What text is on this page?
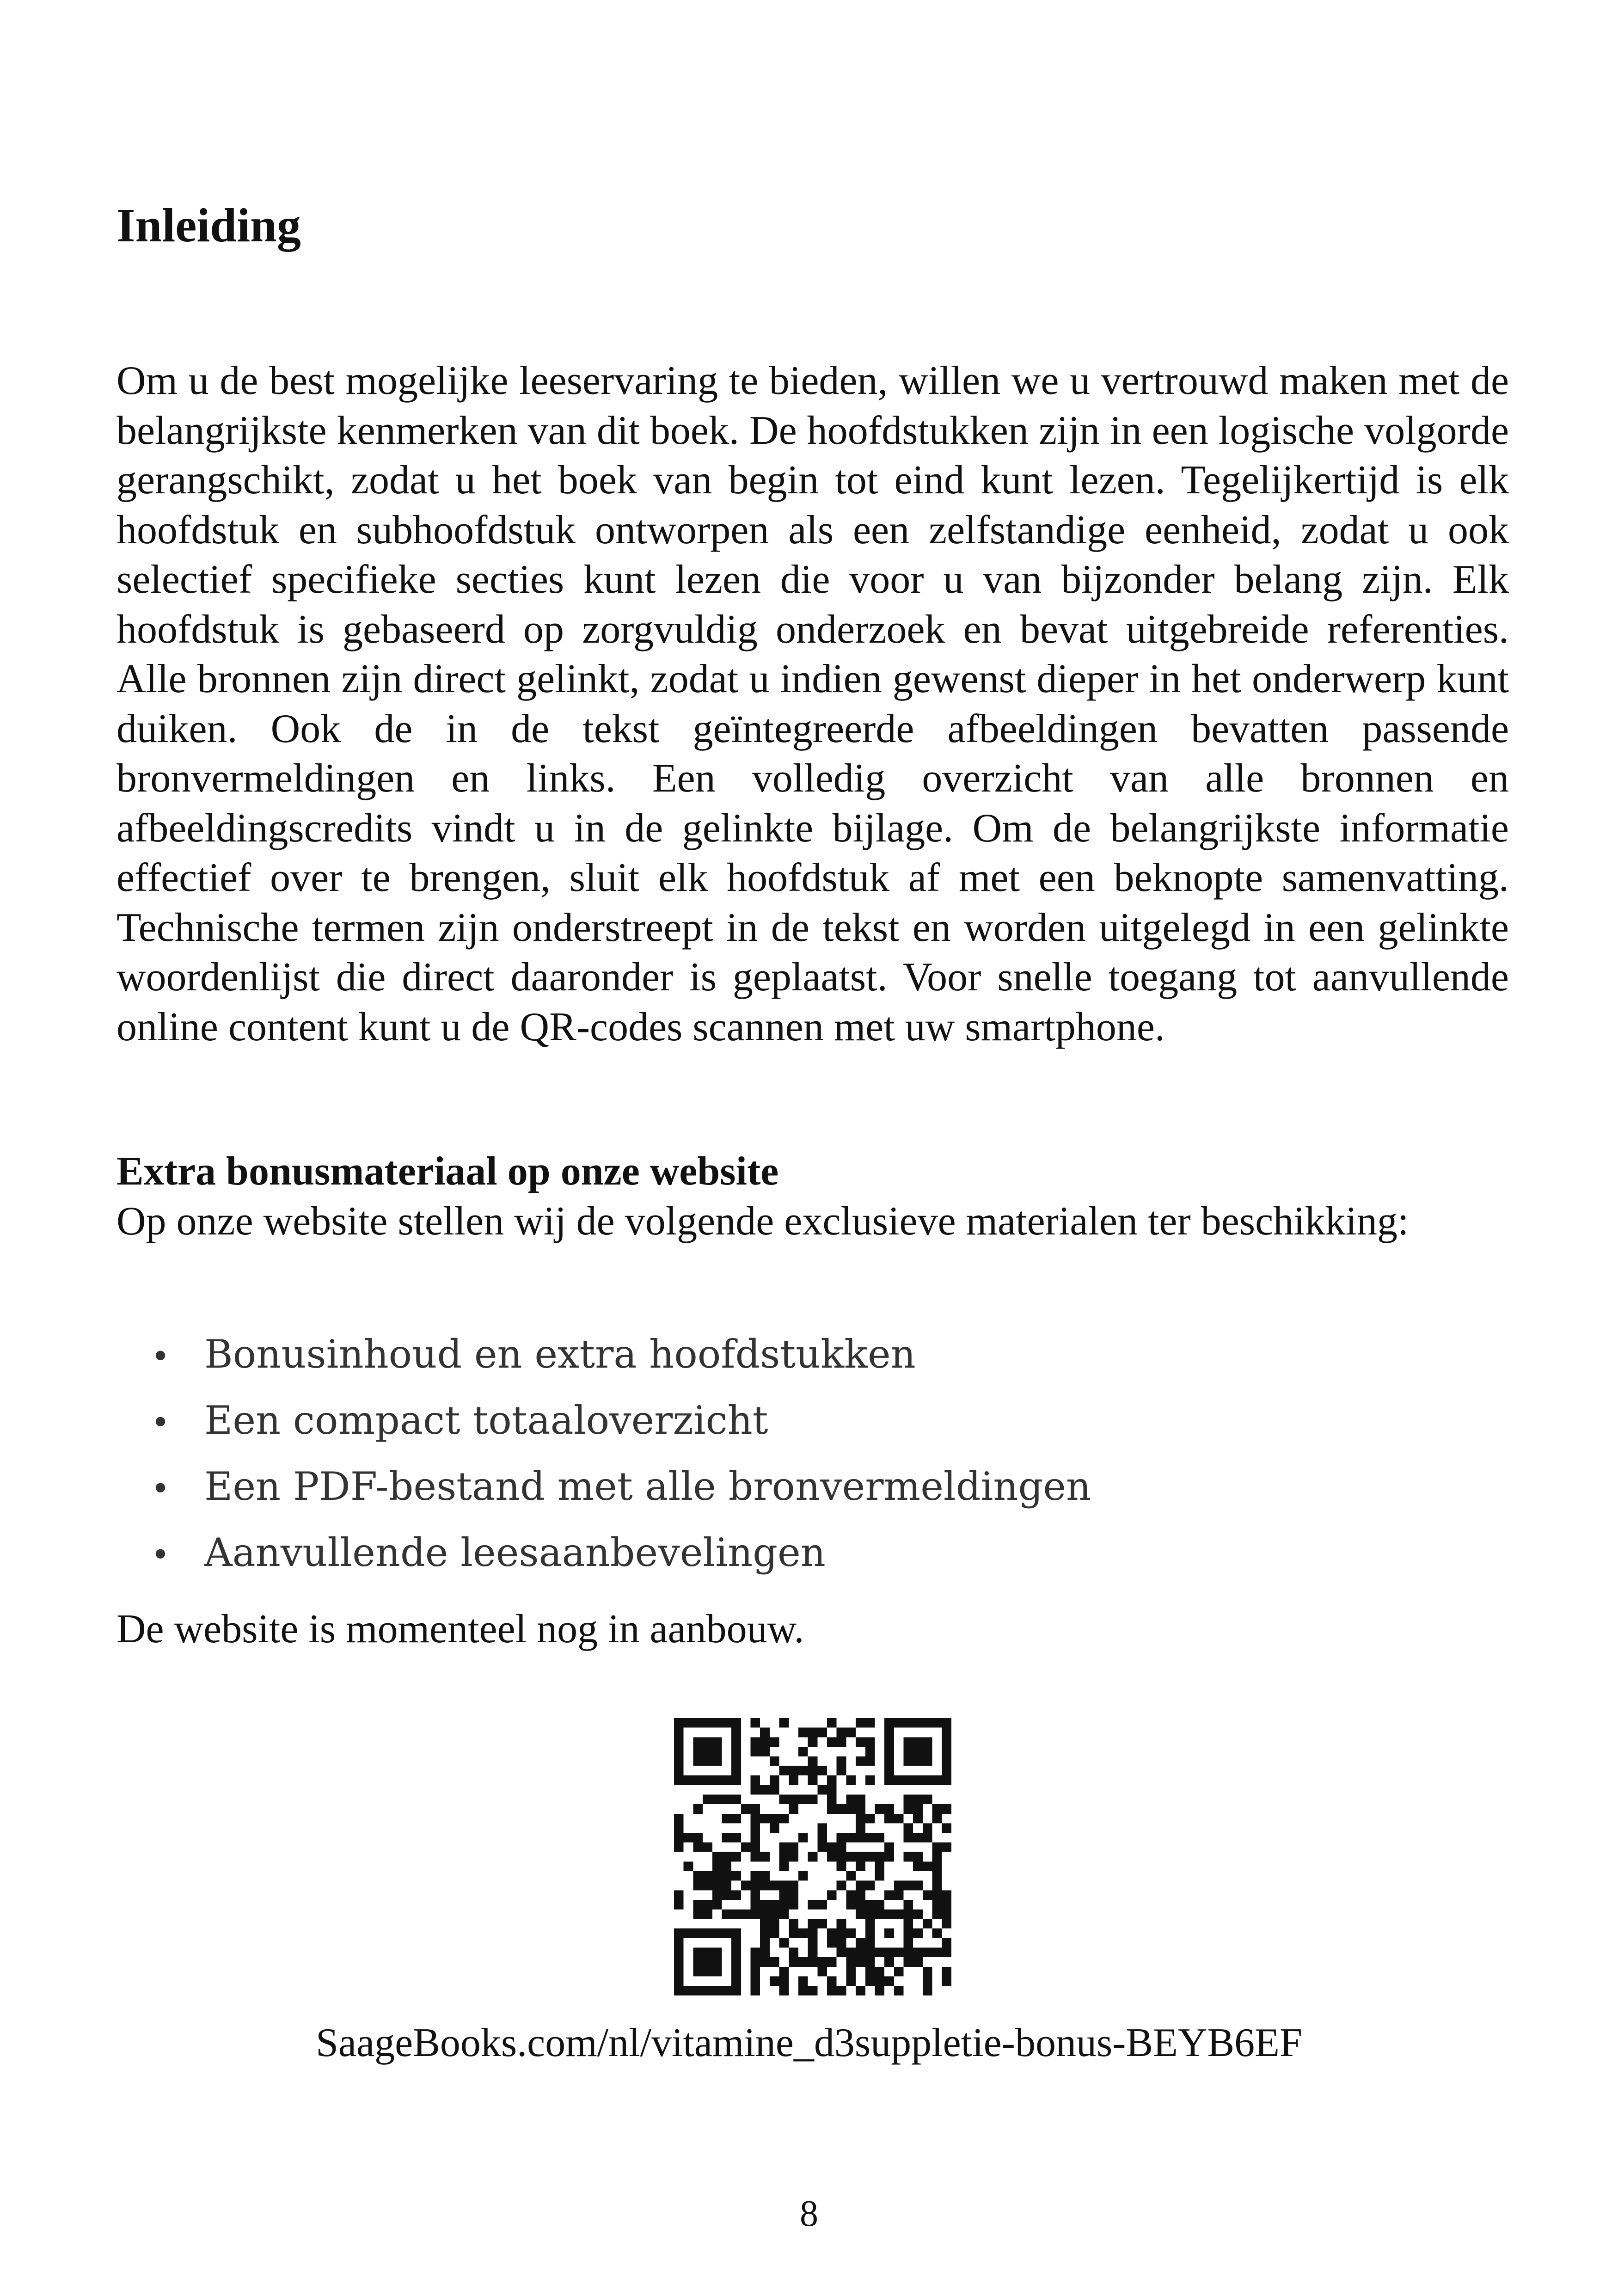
Inleiding

Om u de best mogelijke leeservaring te bieden, willen we u vertrouwd maken met de belangrijkste kenmerken van dit boek. De hoofdstukken zijn in een logische volgorde gerangschikt, zodat u het boek van begin tot eind kunt lezen. Tegelijkertijd is elk hoofdstuk en subhoofdstuk ontworpen als een zelfstandige eenheid, zodat u ook selectief specifieke secties kunt lezen die voor u van bijzonder belang zijn. Elk hoofdstuk is gebaseerd op zorgvuldig onderzoek en bevat uitgebreide referenties. Alle bronnen zijn direct gelinkt, zodat u indien gewenst dieper in het onderwerp kunt duiken. Ook de in de tekst geïntegreerde afbeeldingen bevatten passende bronvermeldingen en links. Een volledig overzicht van alle bronnen en afbeeldingscredits vindt u in de gelinkte bijlage. Om de belangrijkste informatie effectief over te brengen, sluit elk hoofdstuk af met een beknopte samenvatting. Technische termen zijn onderstreept in de tekst en worden uitgelegd in een gelinkte woordenlijst die direct daaronder is geplaatst. Voor snelle toegang tot aanvullende online content kunt u de QR-codes scannen met uw smartphone.

Extra bonusmateriaal op onze website

Op onze website stellen wij de volgende exclusieve materialen ter beschikking:

• Bonusinhoud en extra hoofdstukken
• Een compact totaaloverzicht
• Een PDF-bestand met alle bronvermeldingen
• Aanvullende leesaanbevelingen

De website is momenteel nog in aanbouw.

SaageBooks.com/nl/vitamine_d3suppletie-bonus-BEYB6EF

8
